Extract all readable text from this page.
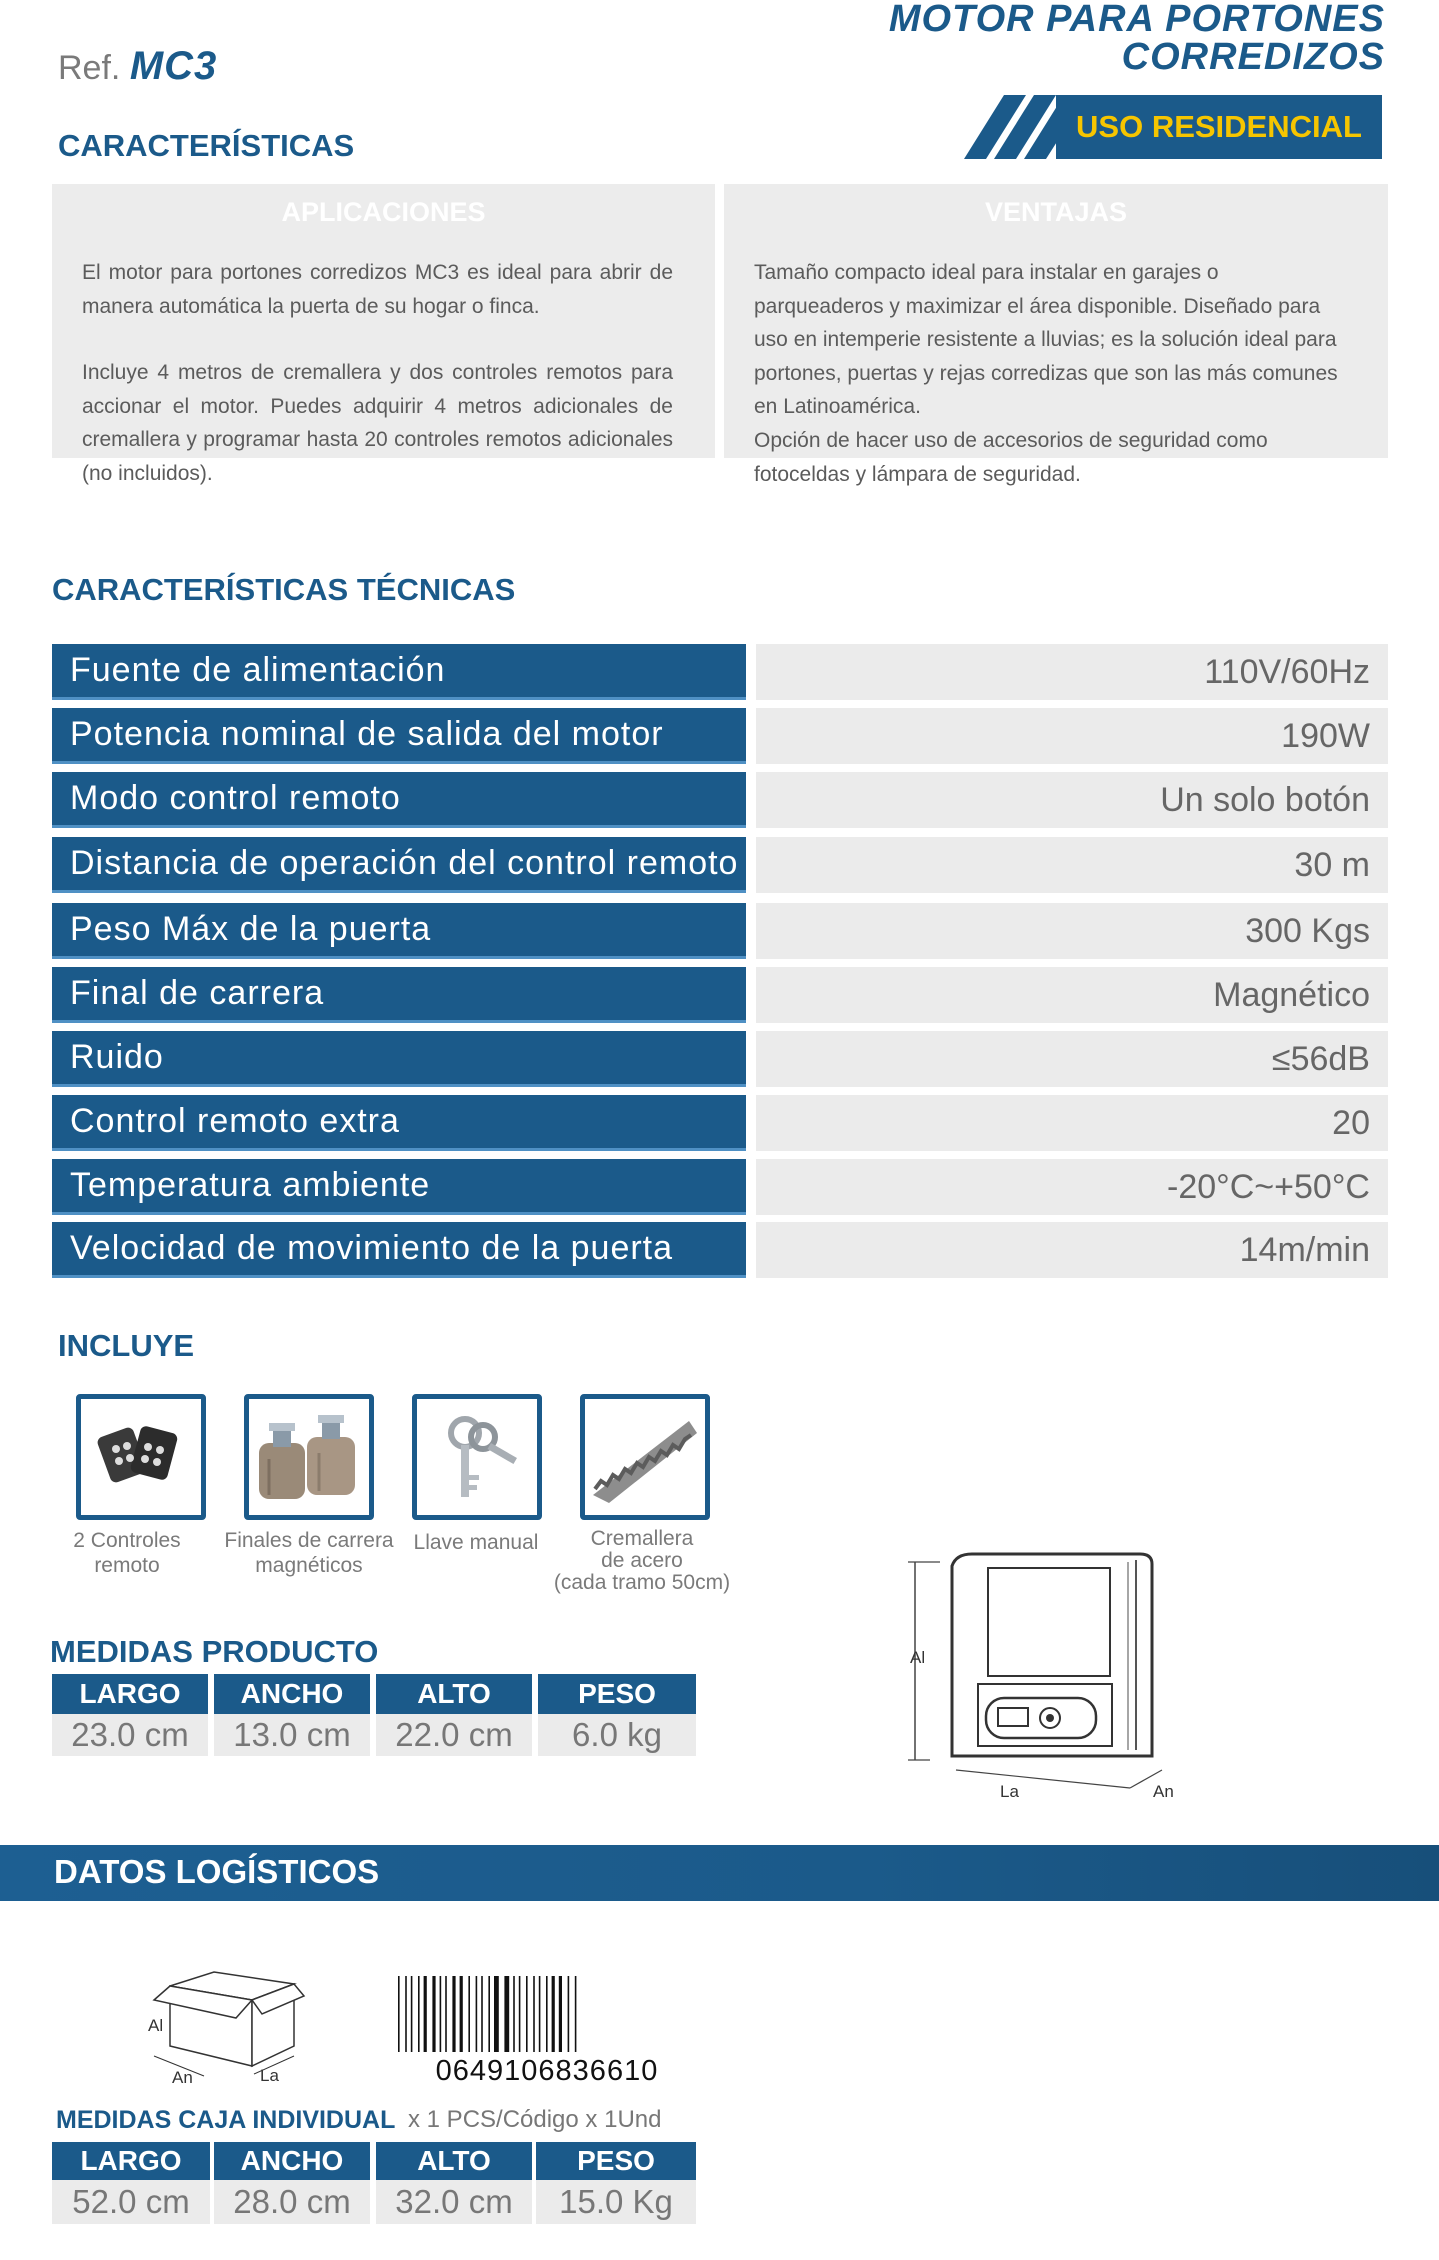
Ref. MC3
MOTOR PARA PORTONES
CORREDIZOS
USO RESIDENCIAL
CARACTERÍSTICAS

El motor para portones corredizos MC3 es ideal para abrir de manera automática la puerta de su hogar o finca.

Incluye 4 metros de cremallera y dos controles remotos para accionar el motor. Puedes adquirir 4 metros adicionales de cremallera y programar hasta 20 controles remotos adicionales (no incluidos).

Tamaño compacto ideal para instalar en garajes o parqueaderos y maximizar el área disponible. Diseñado para uso en intemperie resistente a lluvias; es la solución ideal para portones, puertas y rejas corredizas que son las más comunes en Latinoamérica.

Opción de hacer uso de accesorios de seguridad como fotoceldas y lámpara de seguridad.

CARACTERÍSTICAS TÉCNICAS
Fuente de alimentación	110V/60Hz
Potencia nominal de salida del motor	190W
Modo control remoto	Un solo botón
Distancia de operación del control remoto	30 m
Peso Máx de la puerta	300 Kgs
Final de carrera	Magnético
Ruido	≤56dB
Control remoto extra	20
Temperatura ambiente	-20°C~+50°C
Velocidad de movimiento de la puerta	14m/min
INCLUYE
2 Controles
remoto
Finales de carrera
magnéticos
Llave manual	Cremallera
de acero
(cada tramo 50cm)
MEDIDAS PRODUCTO
LARGO	ANCHO	ALTO	PESO
23.0 cm	13.0 cm	22.0 cm	6.0 kg
Al
La	An
DATOS LOGÍSTICOS
Al
An	La	0649106836610
MEDIDAS CAJA INDIVIDUAL x 1 PCS/Código x 1Und
LARGO	ANCHO	ALTO	PESO
52.0 cm	28.0 cm	32.0 cm	15.0 Kg
